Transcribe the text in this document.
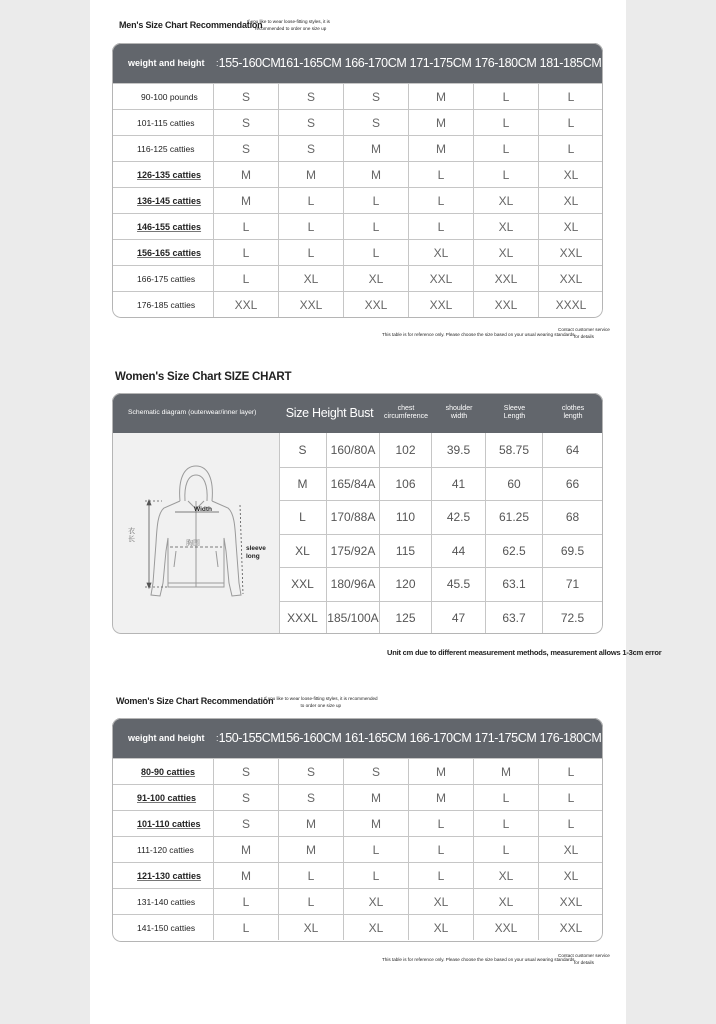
Men's Size Chart Recommendation
If you like to wear loose-fitting styles, it is
recommended to order one size up
weight and height	: 155-160CM 161-165CM 166-170CM 171-175CM 176-180CM 181-185CM
90-100 pounds	S	S	S	M	L	L
101-115 catties	S	S	S	M	L	L
116-125 catties	S	S	M	M	L	L
126-135 catties	M	M	M	L	L	XL
136-145 catties	M	L	L	L	XL	XL
146-155 catties	L	L	L	L	XL	XL
156-165 catties	L	L	L	XL	XL	XXL
166-175 catties	L	XL	XL	XXL	XXL	XXL
176-185 catties	XXL	XXL	XXL	XXL	XXL	XXXL
This table is for reference only. Please choose the size based on your usual wearing standards.
Contact customer service
for details
Women's Size Chart SIZE CHART
Schematic diagram (outerwear/inner layer)	Size Height Bust	chest
circumference
shoulder
width
Sleeve
Length
clothes
length
衣
长
Width
胸围
sleeve
long
S	160/80A	102	39.5	58.75	64
M	165/84A	106	41	60	66
L	170/88A	110	42.5	61.25	68
XL	175/92A	115	44	62.5	69.5
XXL	180/96A	120	45.5	63.1	71
XXXL 185/100A	125	47	63.7	72.5
Unit cm due to different measurement methods, measurement allows 1-3cm error
Women's Size Chart Recommendation
If you like to wear loose-fitting styles, it is recommended
to order one size up
weight and height	: 150-155CM 156-160CM 161-165CM 166-170CM 171-175CM 176-180CM
80-90 catties	S	S	S	M	M	L
91-100 catties	S	S	M	M	L	L
101-110 catties	S	M	M	L	L	L
111-120 catties	M	M	L	L	L	XL
121-130 catties	M	L	L	L	XL	XL
131-140 catties	L	L	XL	XL	XL	XXL
141-150 catties	L	XL	XL	XL	XXL	XXL
This table is for reference only. Please choose the size based on your usual wearing standards.
Contact customer service
for details
